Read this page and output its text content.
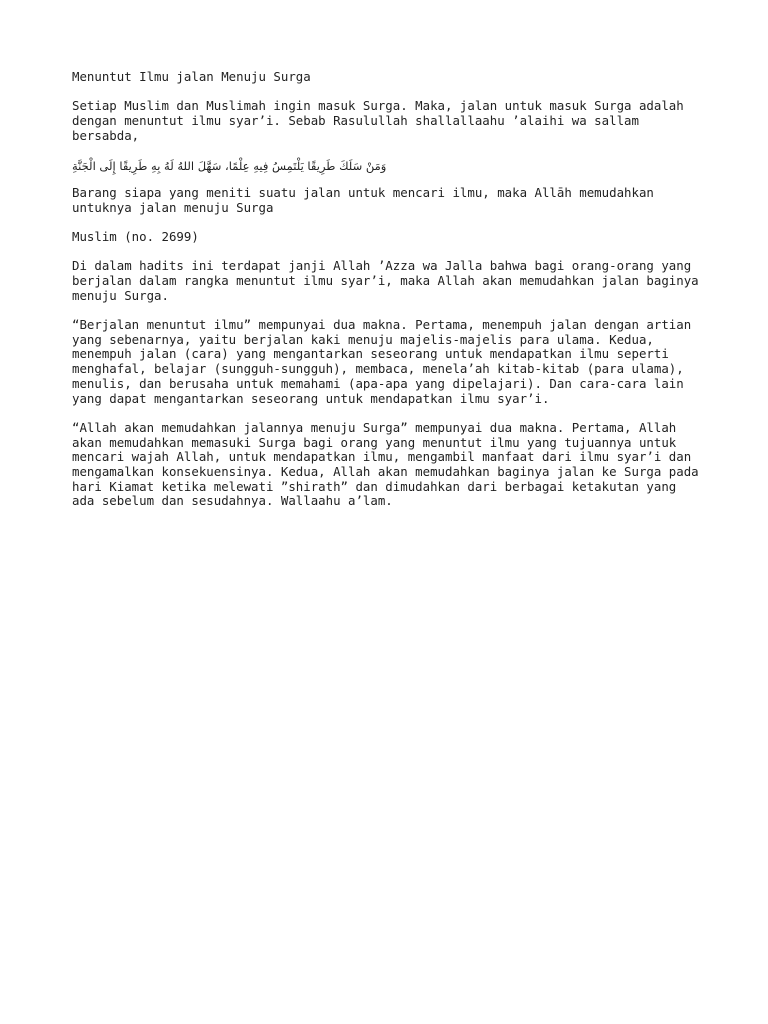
Menuntut Ilmu jalan Menuju Surga

Setiap Muslim dan Muslimah ingin masuk Surga. Maka, jalan untuk masuk Surga adalah dengan menuntut ilmu syar’i. Sebab Rasulullah shallallaahu ’alaihi wa sallam bersabda,

وَمَنْ سَلَكَ طَرِيقًا يَلْتَمِسُ فِيهِ عِلْمًا، سَهَّلَ اللهُ لَهُ بِهِ طَرِيقًا إِلَى الْجَنَّةِ

Barang siapa yang meniti suatu jalan untuk mencari ilmu, maka Allāh memudahkan untuknya jalan menuju Surga

Muslim (no. 2699)

Di dalam hadits ini terdapat janji Allah ’Azza wa Jalla bahwa bagi orang-orang yang berjalan dalam rangka menuntut ilmu syar’i, maka Allah akan memudahkan jalan baginya menuju Surga.

“Berjalan menuntut ilmu” mempunyai dua makna. Pertama, menempuh jalan dengan artian yang sebenarnya, yaitu berjalan kaki menuju majelis-majelis para ulama. Kedua, menempuh jalan (cara) yang mengantarkan seseorang untuk mendapatkan ilmu seperti menghafal, belajar (sungguh-sungguh), membaca, menela’ah kitab-kitab (para ulama), menulis, dan berusaha untuk memahami (apa-apa yang dipelajari). Dan cara-cara lain yang dapat mengantarkan seseorang untuk mendapatkan ilmu syar’i.

“Allah akan memudahkan jalannya menuju Surga” mempunyai dua makna. Pertama, Allah akan memudahkan memasuki Surga bagi orang yang menuntut ilmu yang tujuannya untuk mencari wajah Allah, untuk mendapatkan ilmu, mengambil manfaat dari ilmu syar’i dan mengamalkan konsekuensinya. Kedua, Allah akan memudahkan baginya jalan ke Surga pada hari Kiamat ketika melewati ”shirath” dan dimudahkan dari berbagai ketakutan yang ada sebelum dan sesudahnya. Wallaahu a’lam.
